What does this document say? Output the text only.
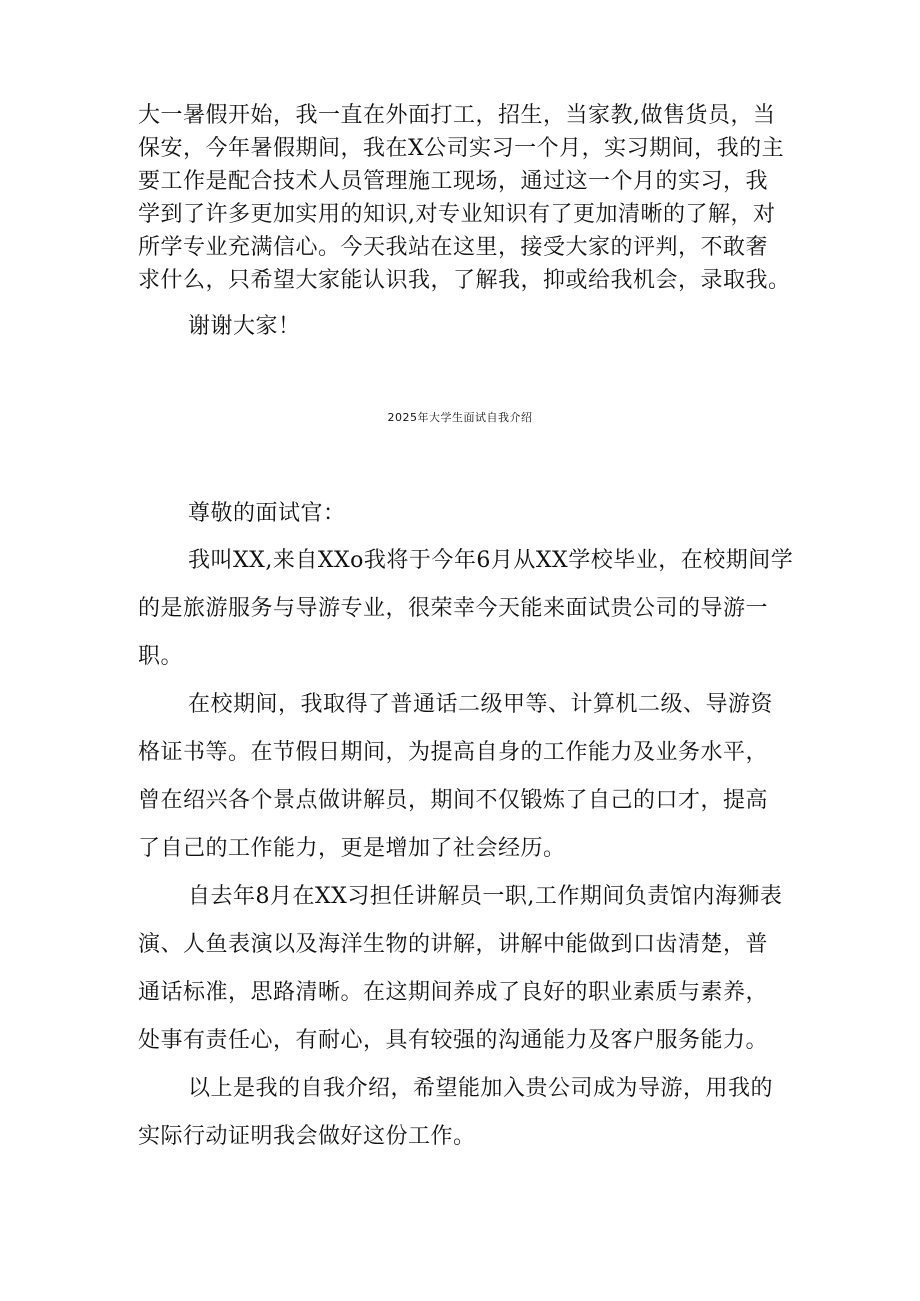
大一暑假开始，我一直在外面打工，招生，当家教,做售货员，当
保安，今年暑假期间，我在X公司实习一个月，实习期间，我的主
要工作是配合技术人员管理施工现场，通过这一个月的实习，我
学到了许多更加实用的知识,对专业知识有了更加清晰的了解，对
所学专业充满信心。今天我站在这里，接受大家的评判，不敢奢
求什么，只希望大家能认识我，了解我，抑或给我机会，录取我。
谢谢大家！
2025年大学生面试自我介绍
尊敬的面试官：
我叫XX,来自XXo我将于今年6月从XX学校毕业，在校期间学
的是旅游服务与导游专业，很荣幸今天能来面试贵公司的导游一
职。
在校期间，我取得了普通话二级甲等、计算机二级、导游资
格证书等。在节假日期间，为提高自身的工作能力及业务水平，
曾在绍兴各个景点做讲解员，期间不仅锻炼了自己的口才，提高
了自己的工作能力，更是增加了社会经历。
自去年8月在XX习担任讲解员一职,工作期间负责馆内海狮表
演、人鱼表演以及海洋生物的讲解，讲解中能做到口齿清楚，普
通话标准，思路清晰。在这期间养成了良好的职业素质与素养，
处事有责任心，有耐心，具有较强的沟通能力及客户服务能力。
以上是我的自我介绍，希望能加入贵公司成为导游，用我的
实际行动证明我会做好这份工作。
